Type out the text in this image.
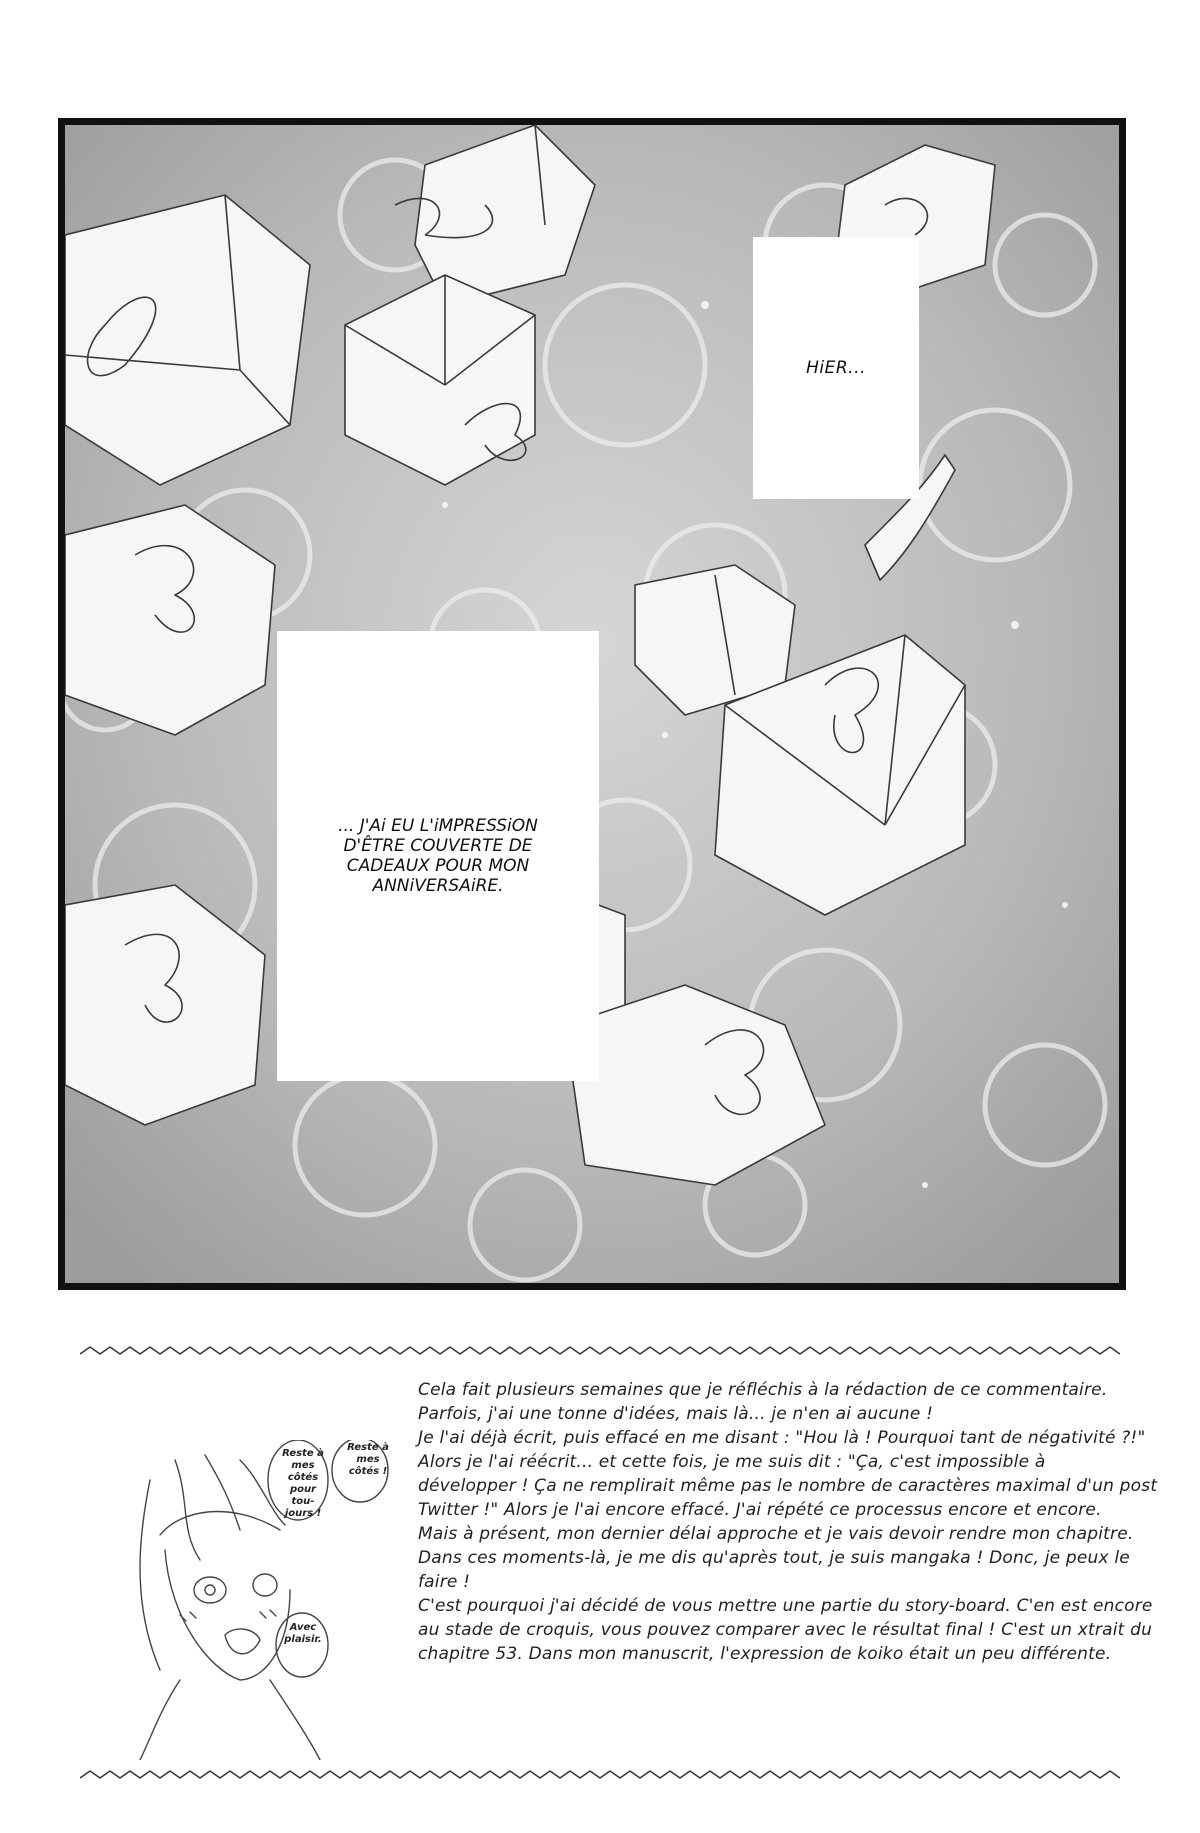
HiER...
... J'Ai EU L'iMPRESSiON D'ÊTRE COUVERTE DE CADEAUX POUR MON ANNiVERSAiRE.
Reste à mes côtés pour tou-jours !
Reste à mes côtés !
Avec plaisir.

Cela fait plusieurs semaines que je réfléchis à la rédaction de ce commentaire.

Parfois, j'ai une tonne d'idées, mais là... je n'en ai aucune !

Je l'ai déjà écrit, puis effacé en me disant : "Hou là ! Pourquoi tant de négativité ?!"

Alors je l'ai réécrit... et cette fois, je me suis dit : "Ça, c'est impossible à

développer ! Ça ne remplirait même pas le nombre de caractères maximal d'un post

Twitter !" Alors je l'ai encore effacé. J'ai répété ce processus encore et encore.

Mais à présent, mon dernier délai approche et je vais devoir rendre mon chapitre.

Dans ces moments-là, je me dis qu'après tout, je suis mangaka ! Donc, je peux le

faire !

C'est pourquoi j'ai décidé de vous mettre une partie du story-board. C'en est encore

au stade de croquis, vous pouvez comparer avec le résultat final ! C'est un xtrait du

chapitre 53. Dans mon manuscrit, l'expression de koiko était un peu différente.
